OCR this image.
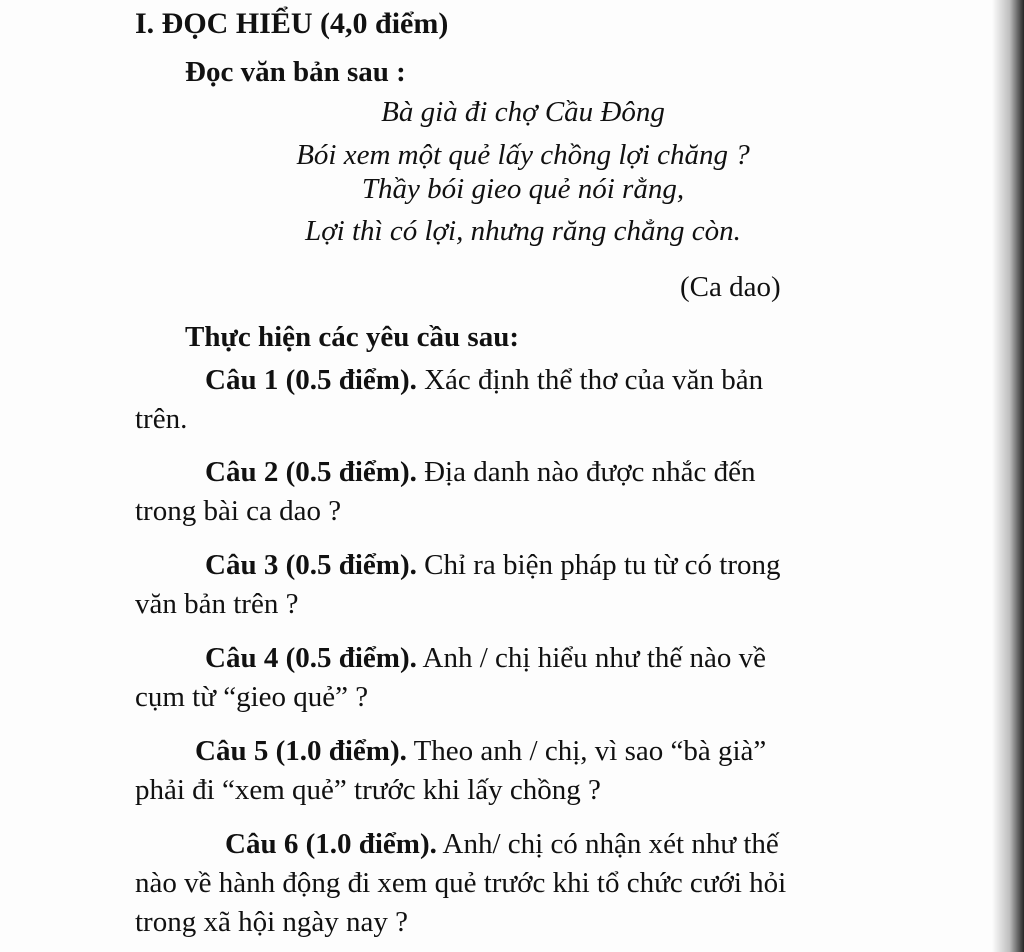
I. ĐỌC HIỂU (4,0 điểm)
Đọc văn bản sau :
Bà già đi chợ Cầu Đông
Bói xem một quẻ lấy chồng lợi chăng ?
Thầy bói gieo quẻ nói rằng,
Lợi thì có lợi, nhưng răng chẳng còn.
(Ca dao)
Thực hiện các yêu cầu sau:
Câu 1 (0.5 điểm). Xác định thể thơ của văn bản
trên.
Câu 2 (0.5 điểm). Địa danh nào được nhắc đến
trong bài ca dao ?
Câu 3 (0.5 điểm). Chỉ ra biện pháp tu từ có trong
văn bản trên ?
Câu 4 (0.5 điểm). Anh / chị hiểu như thế nào về
cụm từ “gieo quẻ” ?
Câu 5 (1.0 điểm). Theo anh / chị, vì sao “bà già”
phải đi “xem quẻ” trước khi lấy chồng ?
Câu 6 (1.0 điểm). Anh/ chị có nhận xét như thế
nào về hành động đi xem quẻ trước khi tổ chức cưới hỏi
trong xã hội ngày nay ?
